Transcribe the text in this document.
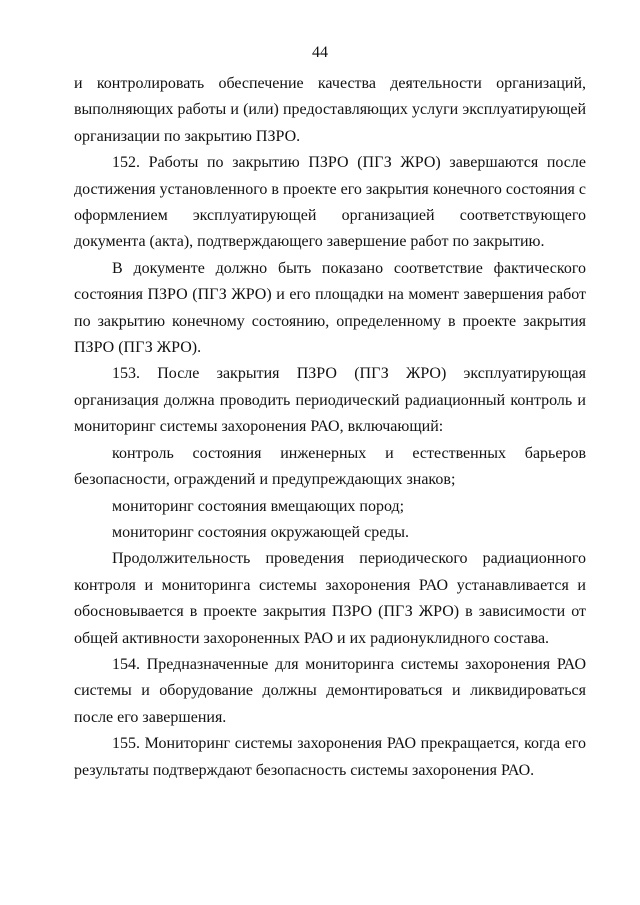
44

и контролировать обеспечение качества деятельности организаций, выполняющих работы и (или) предоставляющих услуги эксплуатирующей организации по закрытию ПЗРО.

152. Работы по закрытию ПЗРО (ПГЗ ЖРО) завершаются после достижения установленного в проекте его закрытия конечного состояния с оформлением эксплуатирующей организацией соответствующего документа (акта), подтверждающего завершение работ по закрытию.

В документе должно быть показано соответствие фактического состояния ПЗРО (ПГЗ ЖРО) и его площадки на момент завершения работ по закрытию конечному состоянию, определенному в проекте закрытия ПЗРО (ПГЗ ЖРО).

153. После закрытия ПЗРО (ПГЗ ЖРО) эксплуатирующая организация должна проводить периодический радиационный контроль и мониторинг системы захоронения РАО, включающий:

контроль состояния инженерных и естественных барьеров безопасности, ограждений и предупреждающих знаков;

мониторинг состояния вмещающих пород;

мониторинг состояния окружающей среды.

Продолжительность проведения периодического радиационного контроля и мониторинга системы захоронения РАО устанавливается и обосновывается в проекте закрытия ПЗРО (ПГЗ ЖРО) в зависимости от общей активности захороненных РАО и их радионуклидного состава.

154. Предназначенные для мониторинга системы захоронения РАО системы и оборудование должны демонтироваться и ликвидироваться после его завершения.

155. Мониторинг системы захоронения РАО прекращается, когда его результаты подтверждают безопасность системы захоронения РАО.
